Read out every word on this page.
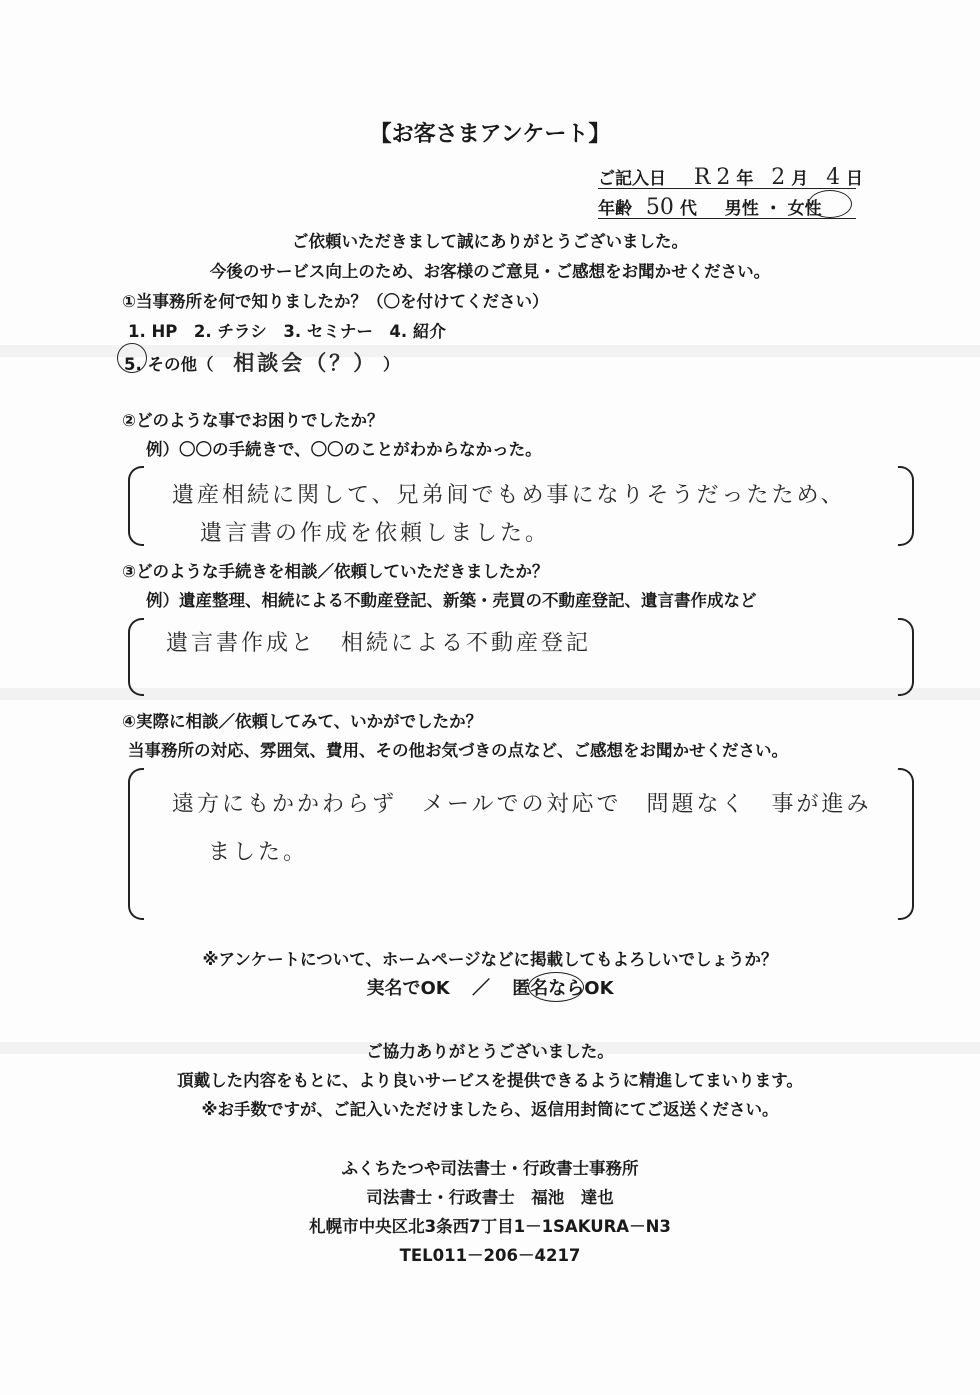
【お客さまアンケート】
ご記入日 R 2 年 2 月 4 日
年齢 50 代 男性 ・ 女性
ご依頼いただきまして誠にありがとうございました。
今後のサービス向上のため、お客様のご意見・ご感想をお聞かせください。
①当事務所を何で知りましたか？（〇を付けてください）
1. HP　2. チラシ　3. セミナー　4. 紹介
5. その他（ 相談会（？） ）
②どのような事でお困りでしたか？
例）〇〇の手続きで、〇〇のことがわからなかった。
遺産相続に関して、兄弟间でもめ事になりそうだったため、
遺言書の作成を依頼しました。
③どのような手続きを相談／依頼していただきましたか？
例）遺産整理、相続による不動産登記、新築・売買の不動産登記、遺言書作成など
遺言書作成と　相続による不動産登記
④実際に相談／依頼してみて、いかがでしたか？
当事務所の対応、雰囲気、費用、その他お気づきの点など、ご感想をお聞かせください。
遠方にもかかわらず　メールでの対応で　問題なく　事が進み
ました。
※アンケートについて、ホームページなどに掲載してもよろしいでしょうか？
実名でOK ／ 匿名ならOK
ご協力ありがとうございました。
頂戴した内容をもとに、より良いサービスを提供できるように精進してまいります。
※お手数ですが、ご記入いただけましたら、返信用封筒にてご返送ください。
ふくちたつや司法書士・行政書士事務所
司法書士・行政書士　福池　達也
札幌市中央区北3条西7丁目1－1SAKURA－N3
TEL011－206－4217
